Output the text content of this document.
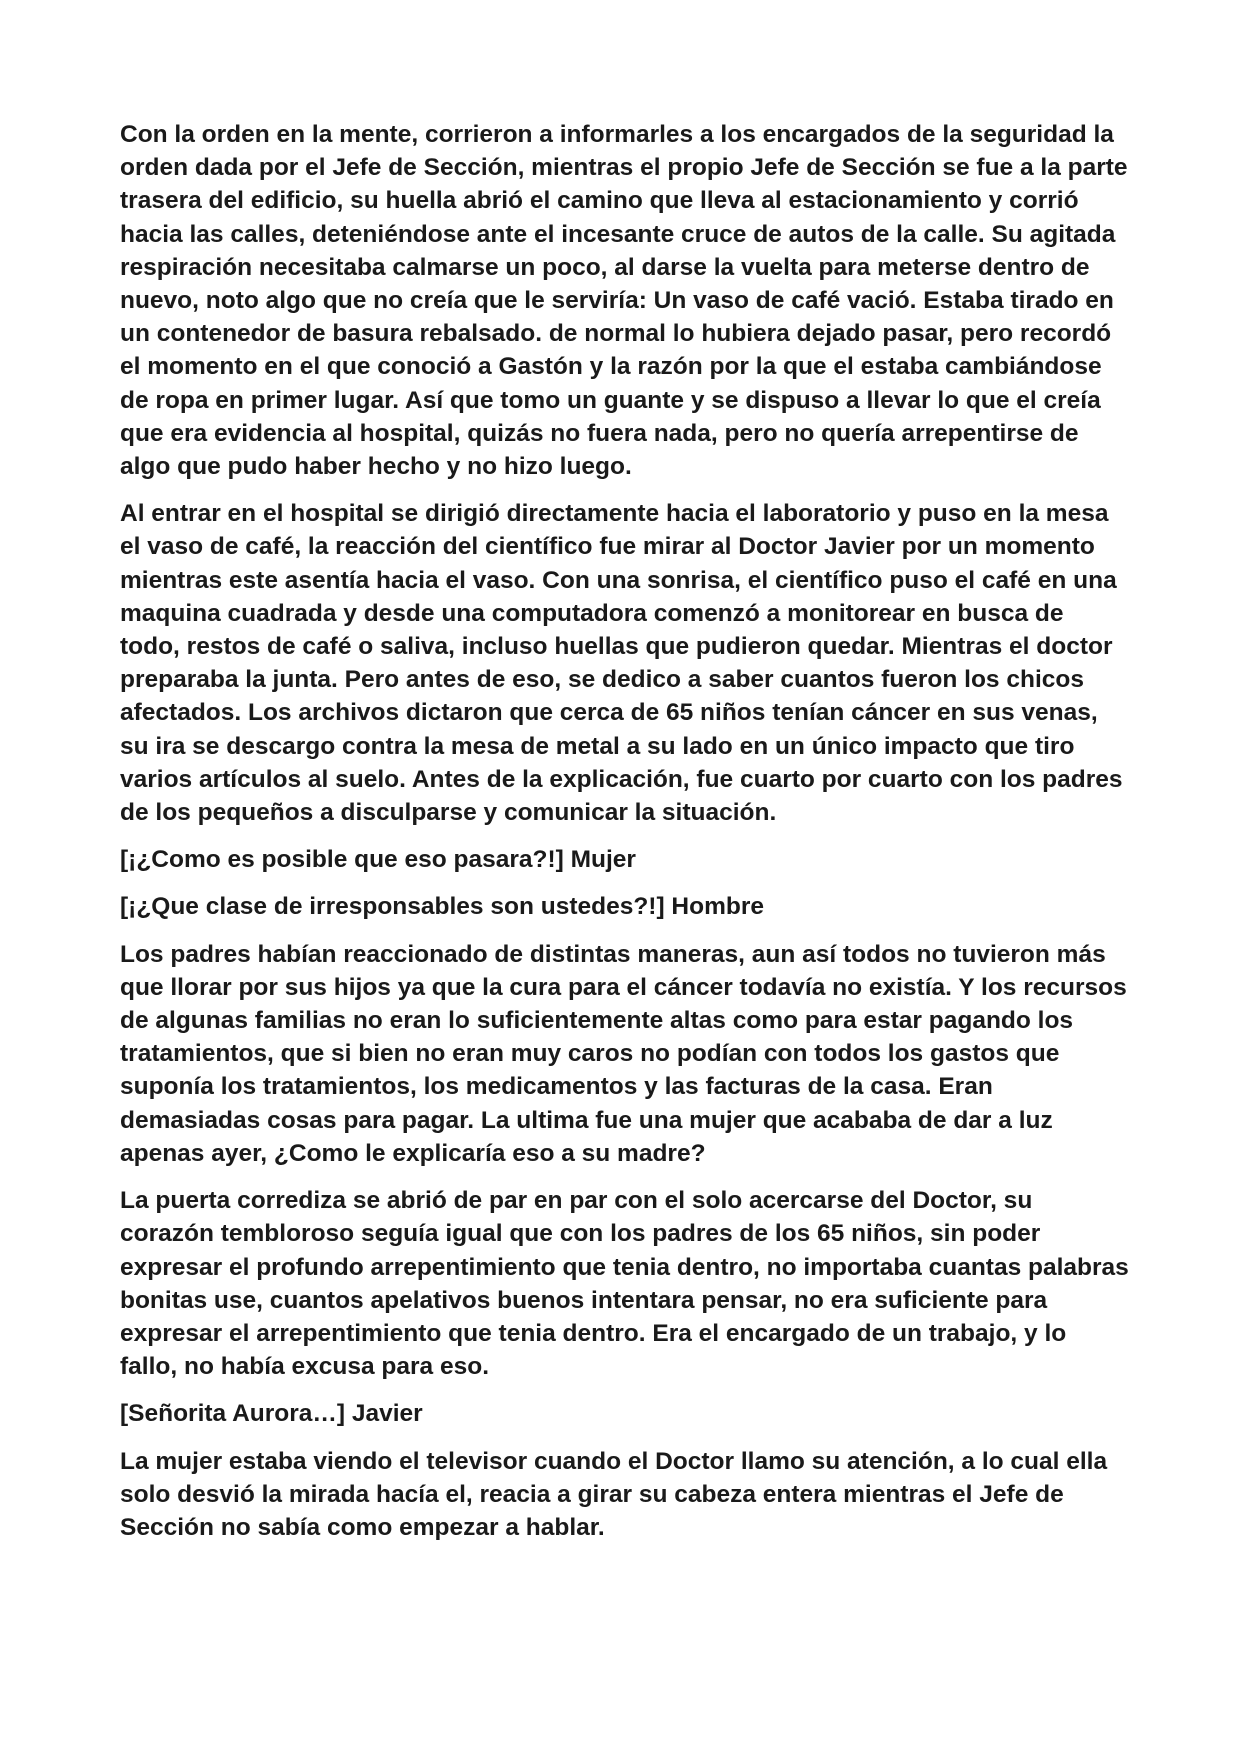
Con la orden en la mente, corrieron a informarles a los encargados de la seguridad la orden dada por el Jefe de Sección, mientras el propio Jefe de Sección se fue a la parte trasera del edificio, su huella abrió el camino que lleva al estacionamiento y corrió hacia las calles, deteniéndose ante el incesante cruce de autos de la calle. Su agitada respiración necesitaba calmarse un poco, al darse la vuelta para meterse dentro de nuevo, noto algo que no creía que le serviría: Un vaso de café vació. Estaba tirado en un contenedor de basura rebalsado. de normal lo hubiera dejado pasar, pero recordó el momento en el que conoció a Gastón y la razón por la que el estaba cambiándose de ropa en primer lugar. Así que tomo un guante y se dispuso a llevar lo que el creía que era evidencia al hospital, quizás no fuera nada, pero no quería arrepentirse de algo que pudo haber hecho y no hizo luego.

Al entrar en el hospital se dirigió directamente hacia el laboratorio y puso en la mesa el vaso de café, la reacción del científico fue mirar al Doctor Javier por un momento mientras este asentía hacia el vaso. Con una sonrisa, el científico puso el café en una maquina cuadrada y desde una computadora comenzó a monitorear en busca de todo, restos de café o saliva, incluso huellas que pudieron quedar. Mientras el doctor preparaba la junta. Pero antes de eso, se dedico a saber cuantos fueron los chicos afectados. Los archivos dictaron que cerca de 65 niños tenían cáncer en sus venas, su ira se descargo contra la mesa de metal a su lado en un único impacto que tiro varios artículos al suelo. Antes de la explicación, fue cuarto por cuarto con los padres de los pequeños a disculparse y comunicar la situación.

[¡¿Como es posible que eso pasara?!] Mujer

[¡¿Que clase de irresponsables son ustedes?!] Hombre

Los padres habían reaccionado de distintas maneras, aun así todos no tuvieron más que llorar por sus hijos ya que la cura para el cáncer todavía no existía. Y los recursos de algunas familias no eran lo suficientemente altas como para estar pagando los tratamientos, que si bien no eran muy caros no podían con todos los gastos que suponía los tratamientos, los medicamentos y las facturas de la casa. Eran demasiadas cosas para pagar. La ultima fue una mujer que acababa de dar a luz apenas ayer, ¿Como le explicaría eso a su madre?

La puerta corrediza se abrió de par en par con el solo acercarse del Doctor, su corazón tembloroso seguía igual que con los padres de los 65 niños, sin poder expresar el profundo arrepentimiento que tenia dentro, no importaba cuantas palabras bonitas use, cuantos apelativos buenos intentara pensar, no era suficiente para expresar el arrepentimiento que tenia dentro. Era el encargado de un trabajo, y lo fallo, no había excusa para eso.

[Señorita Aurora…] Javier

La mujer estaba viendo el televisor cuando el Doctor llamo su atención, a lo cual ella solo desvió la mirada hacía el, reacia a girar su cabeza entera mientras el Jefe de Sección no sabía como empezar a hablar.
